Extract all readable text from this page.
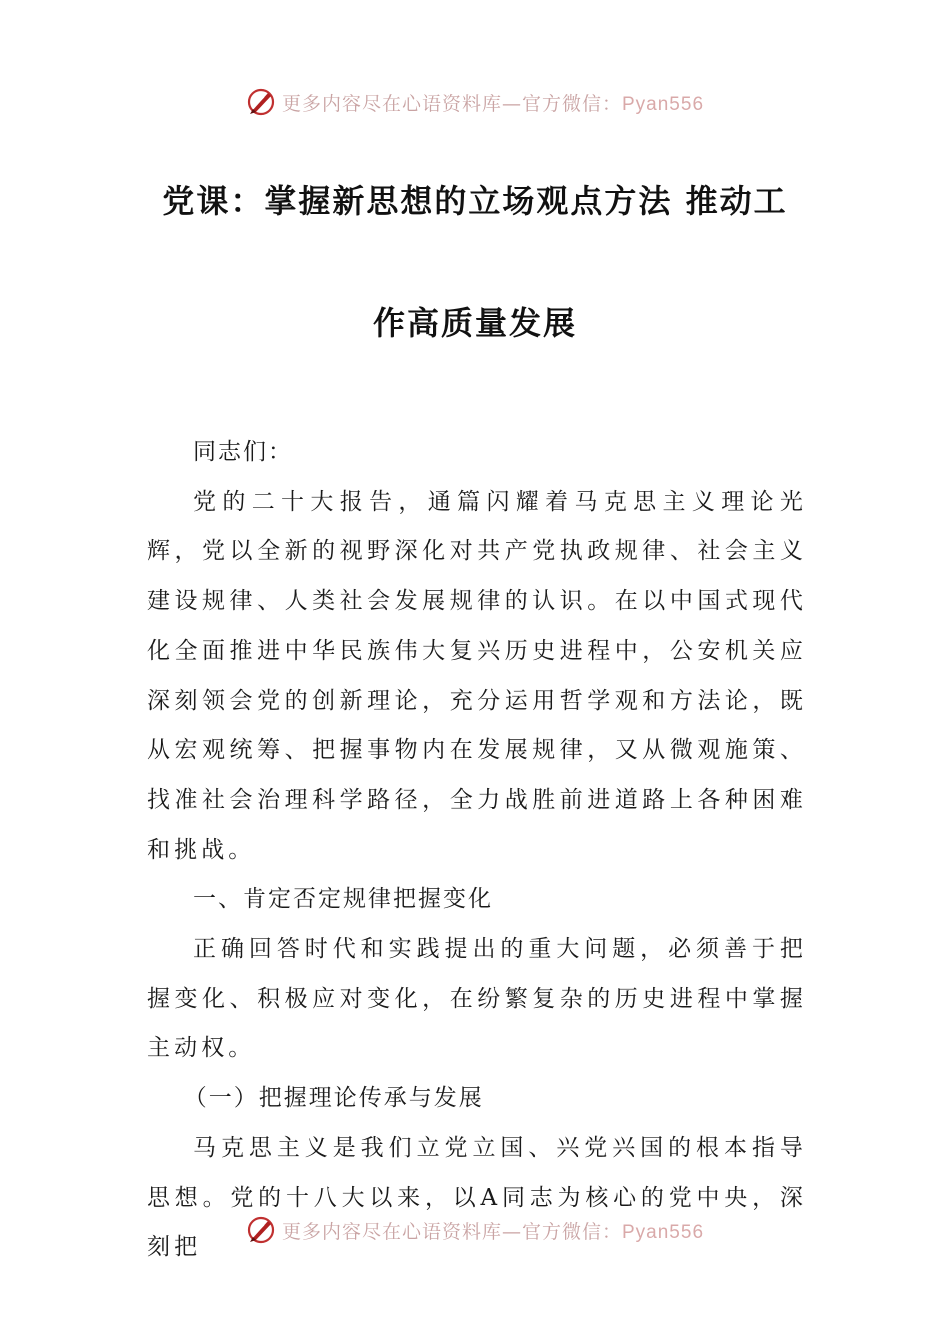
更多内容尽在心语资料库—官方微信：Pyan556
党课：掌握新思想的立场观点方法 推动工
作高质量发展

同志们：

党的二十大报告，通篇闪耀着马克思主义理论光辉，党以全新的视野深化对共产党执政规律、社会主义建设规律、人类社会发展规律的认识。在以中国式现代化全面推进中华民族伟大复兴历史进程中，公安机关应深刻领会党的创新理论，充分运用哲学观和方法论，既从宏观统筹、把握事物内在发展规律，又从微观施策、找准社会治理科学路径，全力战胜前进道路上各种困难和挑战。

一、肯定否定规律把握变化

正确回答时代和实践提出的重大问题，必须善于把握变化、积极应对变化，在纷繁复杂的历史进程中掌握主动权。

（一）把握理论传承与发展

马克思主义是我们立党立国、兴党兴国的根本指导思想。党的十八大以来，以A同志为核心的党中央，深刻把

更多内容尽在心语资料库—官方微信：Pyan556
